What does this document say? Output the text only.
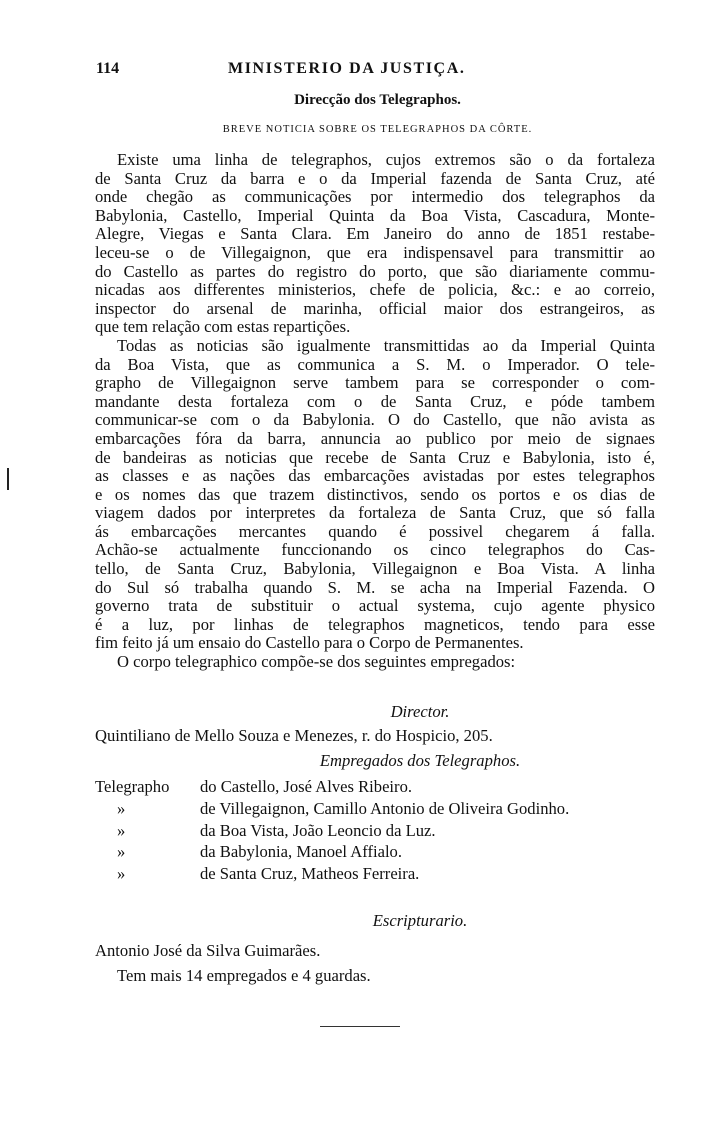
114	MINISTERIO DA JUSTIÇA.
Direcção dos Telegraphos.
BREVE NOTICIA SOBRE OS TELEGRAPHOS DA CÔRTE.
Existe uma linha de telegraphos, cujos extremos são o da fortaleza
de Santa Cruz da barra e o da Imperial fazenda de Santa Cruz, até
onde chegão as communicações por intermedio dos telegraphos da
Babylonia, Castello, Imperial Quinta da Boa Vista, Cascadura, Monte-
Alegre, Viegas e Santa Clara. Em Janeiro do anno de 1851 restabe-
leceu-se o de Villegaignon, que era indispensavel para transmittir ao
do Castello as partes do registro do porto, que são diariamente commu-
nicadas aos differentes ministerios, chefe de policia, &c.: e ao correio,
inspector do arsenal de marinha, official maior dos estrangeiros, as
que tem relação com estas repartições.
Todas as noticias são igualmente transmittidas ao da Imperial Quinta
da Boa Vista, que as communica a S. M. o Imperador. O tele-
grapho de Villegaignon serve tambem para se corresponder o com-
mandante desta fortaleza com o de Santa Cruz, e póde tambem
communicar-se com o da Babylonia. O do Castello, que não avista as
embarcações fóra da barra, annuncia ao publico por meio de signaes
de bandeiras as noticias que recebe de Santa Cruz e Babylonia, isto é,
as classes e as nações das embarcações avistadas por estes telegraphos
e os nomes das que trazem distinctivos, sendo os portos e os dias de
viagem dados por interpretes da fortaleza de Santa Cruz, que só falla
ás embarcações mercantes quando é possivel chegarem á falla.
Achão-se actualmente funccionando os cinco telegraphos do Cas-
tello, de Santa Cruz, Babylonia, Villegaignon e Boa Vista. A linha
do Sul só trabalha quando S. M. se acha na Imperial Fazenda. O
governo trata de substituir o actual systema, cujo agente physico
é a luz, por linhas de telegraphos magneticos, tendo para esse
fim feito já um ensaio do Castello para o Corpo de Permanentes.
O corpo telegraphico compõe-se dos seguintes empregados:
Director.
Quintiliano de Mello Souza e Menezes, r. do Hospicio, 205.
Empregados dos Telegraphos.
Telegrapho	do Castello, José Alves Ribeiro.
»	de Villegaignon, Camillo Antonio de Oliveira Godinho.
»	da Boa Vista, João Leoncio da Luz.
»	da Babylonia, Manoel Affialo.
»	de Santa Cruz, Matheos Ferreira.
Escripturario.
Antonio José da Silva Guimarães.
Tem mais 14 empregados e 4 guardas.
